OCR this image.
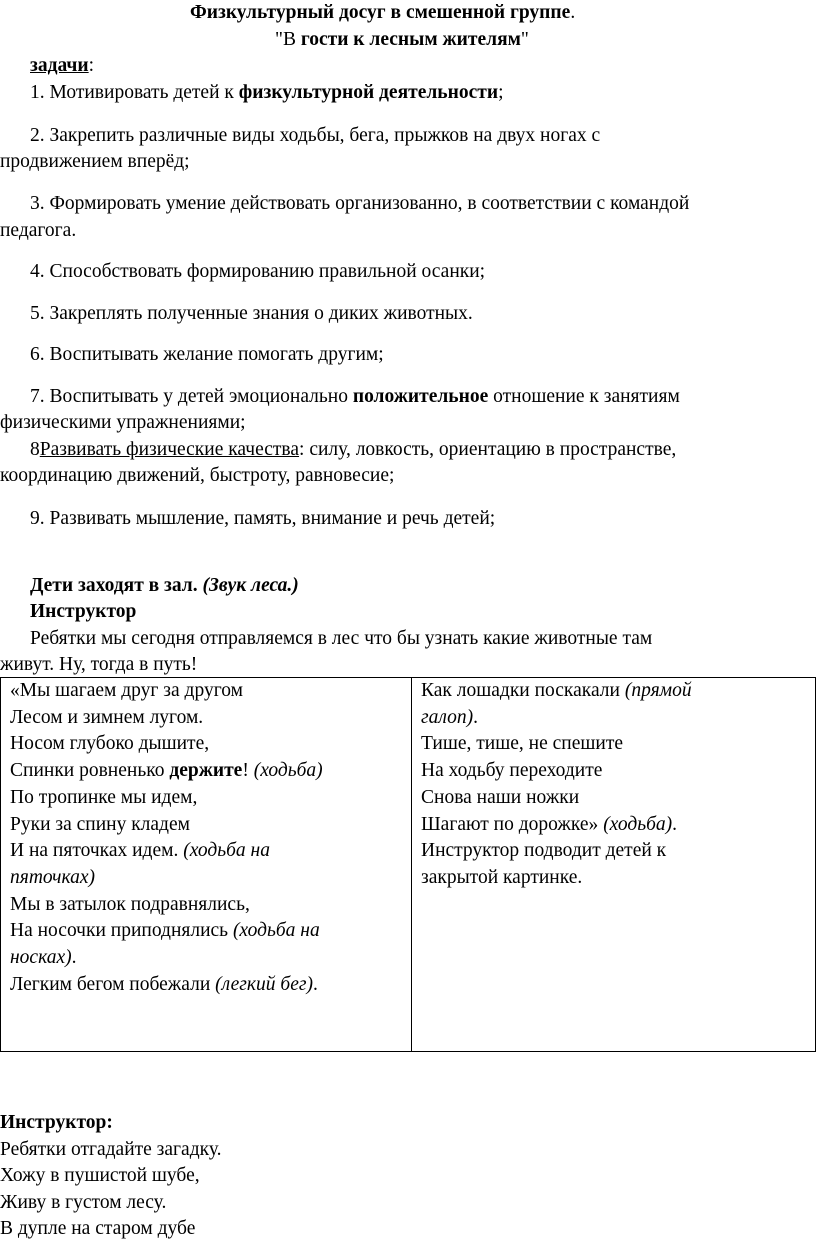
Физкультурный досуг в смешенной группе.
"В гости к лесным жителям"
задачи:
1. Мотивировать детей к физкультурной деятельности;
2. Закрепить различные виды ходьбы, бега, прыжков на двух ногах с
продвижением вперёд;
3. Формировать умение действовать организованно, в соответствии с командой
педагога.
4. Способствовать формированию правильной осанки;
5. Закреплять полученные знания о диких животных.
6. Воспитывать желание помогать другим;
7. Воспитывать у детей эмоционально положительное отношение к занятиям
физическими упражнениями;
8Развивать физические качества: силу, ловкость, ориентацию в пространстве,
координацию движений, быстроту, равновесие;
9. Развивать мышление, память, внимание и речь детей;
Дети заходят в зал. (Звук леса.)
Инструктор
Ребятки мы сегодня отправляемся в лес что бы узнать какие животные там
живут. Ну, тогда в путь!
«Мы шагаем друг за другом
Лесом и зимнем лугом.
Носом глубоко дышите,
Спинки ровненько держите! (ходьба)
По тропинке мы идем,
Руки за спину кладем
И на пяточках идем. (ходьба на
пяточках)
Мы в затылок подравнялись,
На носочки приподнялись (ходьба на
носках).
Легким бегом побежали (легкий бег).
Как лошадки поскакали (прямой
галоп).
Тише, тише, не спешите
На ходьбу переходите
Снова наши ножки
Шагают по дорожке» (ходьба).
Инструктор подводит детей к
закрытой картинке.
Инструктор:
Ребятки отгадайте загадку.
Хожу в пушистой шубе,
Живу в густом лесу.
В дупле на старом дубе
